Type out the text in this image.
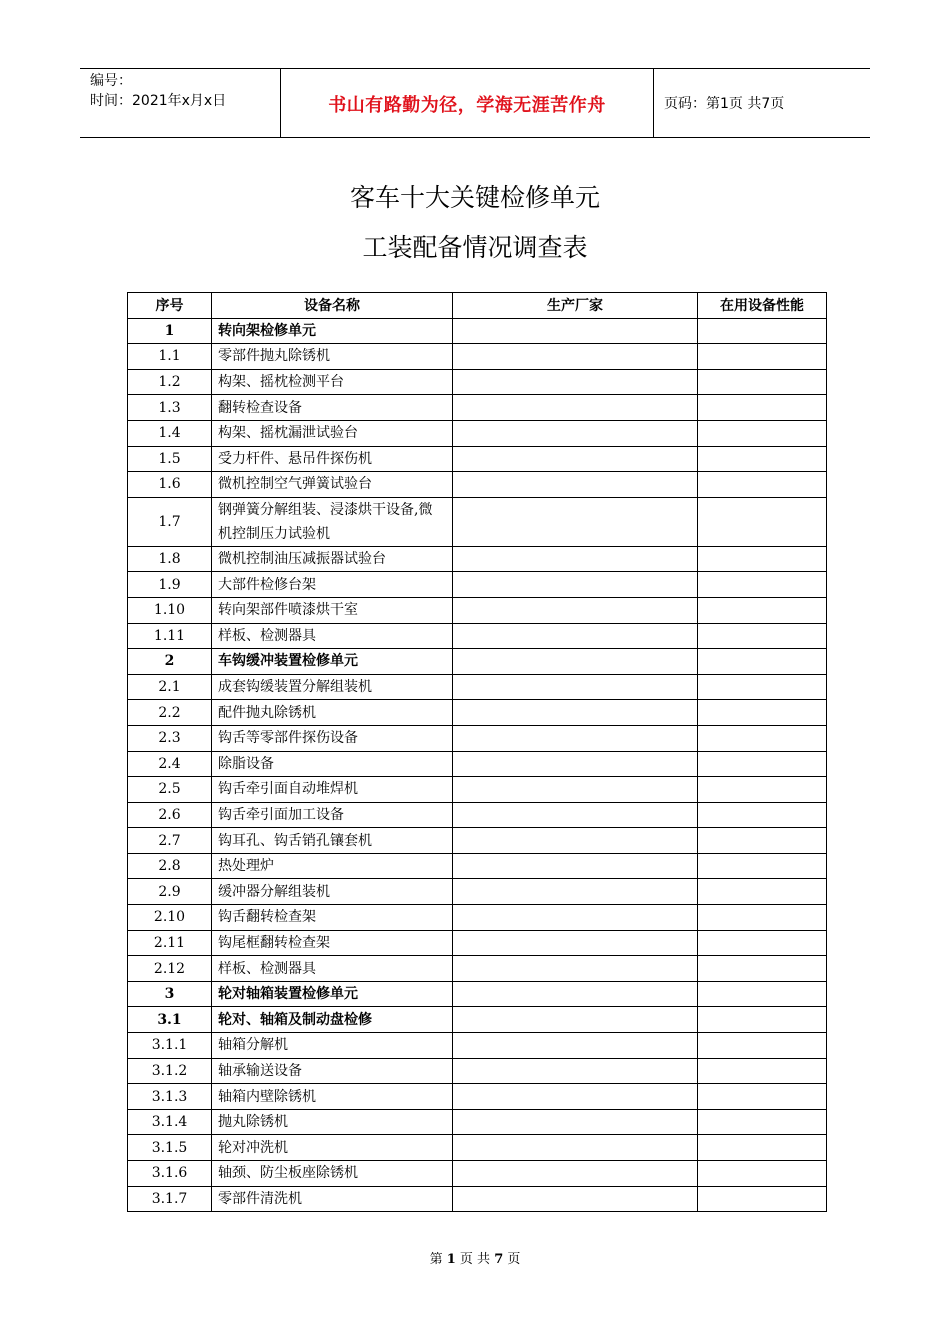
编号：
时间：2021年x月x日	书山有路勤为径，学海无涯苦作舟	页码：第1页 共7页
客车十大关键检修单元
工装配备情况调查表
序号	设备名称	生产厂家	在用设备性能
1	转向架检修单元		
1.1	零部件抛丸除锈机		
1.2	构架、摇枕检测平台		
1.3	翻转检查设备		
1.4	构架、摇枕漏泄试验台		
1.5	受力杆件、悬吊件探伤机		
1.6	微机控制空气弹簧试验台		
1.7	钢弹簧分解组装、浸漆烘干设备,微机控制压力试验机		
1.8	微机控制油压减振器试验台		
1.9	大部件检修台架		
1.10	转向架部件喷漆烘干室		
1.11	样板、检测器具		
2	车钩缓冲装置检修单元		
2.1	成套钩缓装置分解组装机		
2.2	配件抛丸除锈机		
2.3	钩舌等零部件探伤设备		
2.4	除脂设备		
2.5	钩舌牵引面自动堆焊机		
2.6	钩舌牵引面加工设备		
2.7	钩耳孔、钩舌销孔镶套机		
2.8	热处理炉		
2.9	缓冲器分解组装机		
2.10	钩舌翻转检查架		
2.11	钩尾框翻转检查架		
2.12	样板、检测器具		
3	轮对轴箱装置检修单元		
3.1	轮对、轴箱及制动盘检修		
3.1.1	轴箱分解机		
3.1.2	轴承输送设备		
3.1.3	轴箱内壁除锈机		
3.1.4	抛丸除锈机		
3.1.5	轮对冲洗机		
3.1.6	轴颈、防尘板座除锈机		
3.1.7	零部件清洗机		
第 1 页 共 7 页
